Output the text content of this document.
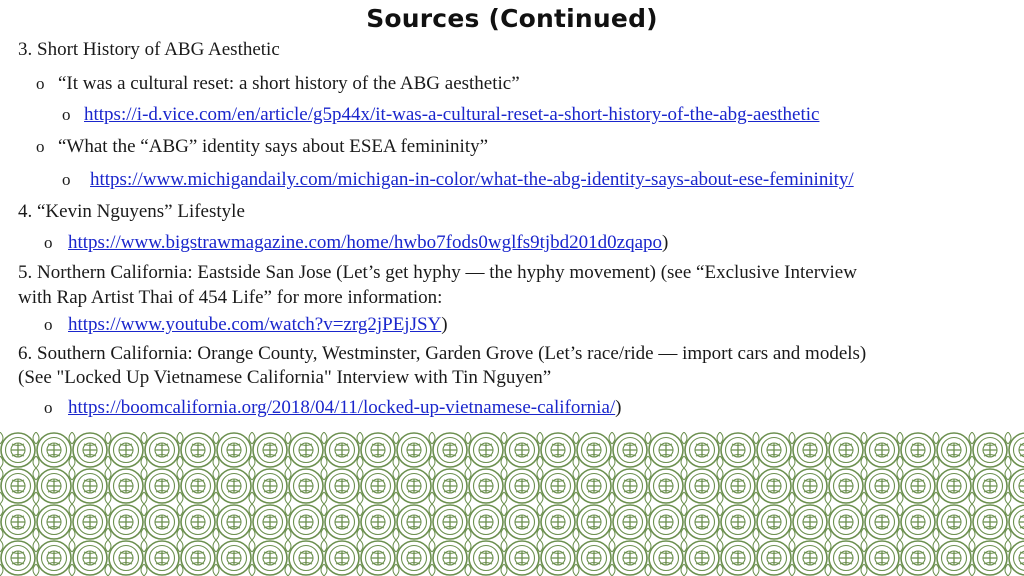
Sources (Continued)
3. Short History of ABG Aesthetic
o “It was a cultural reset: a short history of the ABG aesthetic”
o https://i-d.vice.com/en/article/g5p44x/it-was-a-cultural-reset-a-short-history-of-the-abg-aesthetic
o “What the “ABG” identity says about ESEA femininity”
o https://www.michigandaily.com/michigan-in-color/what-the-abg-identity-says-about-ese-femininity/
4. “Kevin Nguyens” Lifestyle
o https://www.bigstrawmagazine.com/home/hwbo7fods0wglfs9tjbd201d0zqapo)
5. Northern California: Eastside San Jose (Let’s get hyphy — the hyphy movement) (see “Exclusive Interview
with Rap Artist Thai of 454 Life” for more information:
o https://www.youtube.com/watch?v=zrg2jPEjJSY)
6. Southern California: Orange County, Westminster, Garden Grove (Let’s race/ride — import cars and models)
(See "Locked Up Vietnamese California" Interview with Tin Nguyen”
o https://boomcalifornia.org/2018/04/11/locked-up-vietnamese-california/)
